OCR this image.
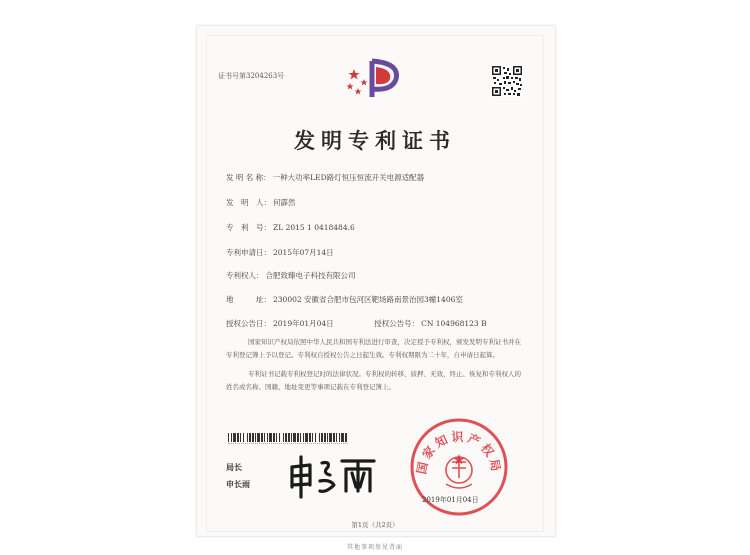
证书号第3204263号
发明专利证书
发 明 名 称： 一种大功率LED路灯恒压恒流开关电源适配器
发　明　人： 何霹然
专　利　号： ZL 2015 1 0418484.6
专利申请日： 2015年07月14日
专利权人： 合肥致臻电子科技有限公司
地　　　址： 230002 安徽省合肥市包河区靶场路南景治园3幢1406室
授权公告日： 2019年01月04日	授权公告号： CN 104968123 B
国家知识产权局依照中华人民共和国专利法进行审查，决定授予专利权，颁发发明专利证书并在专利登记簿上予以登记。专利权自授权公告之日起生效。专利权期限为二十年，自申请日起算。
专利证书记载专利权登记时的法律状况。专利权的转移、质押、无效、终止、恢复和专利权人的姓名或名称、国籍、地址变更等事项记载在专利登记簿上。
局长
申长雨
国家知识产权局
2019年01月04日
第1页（共2页）
其他事项参见背面
